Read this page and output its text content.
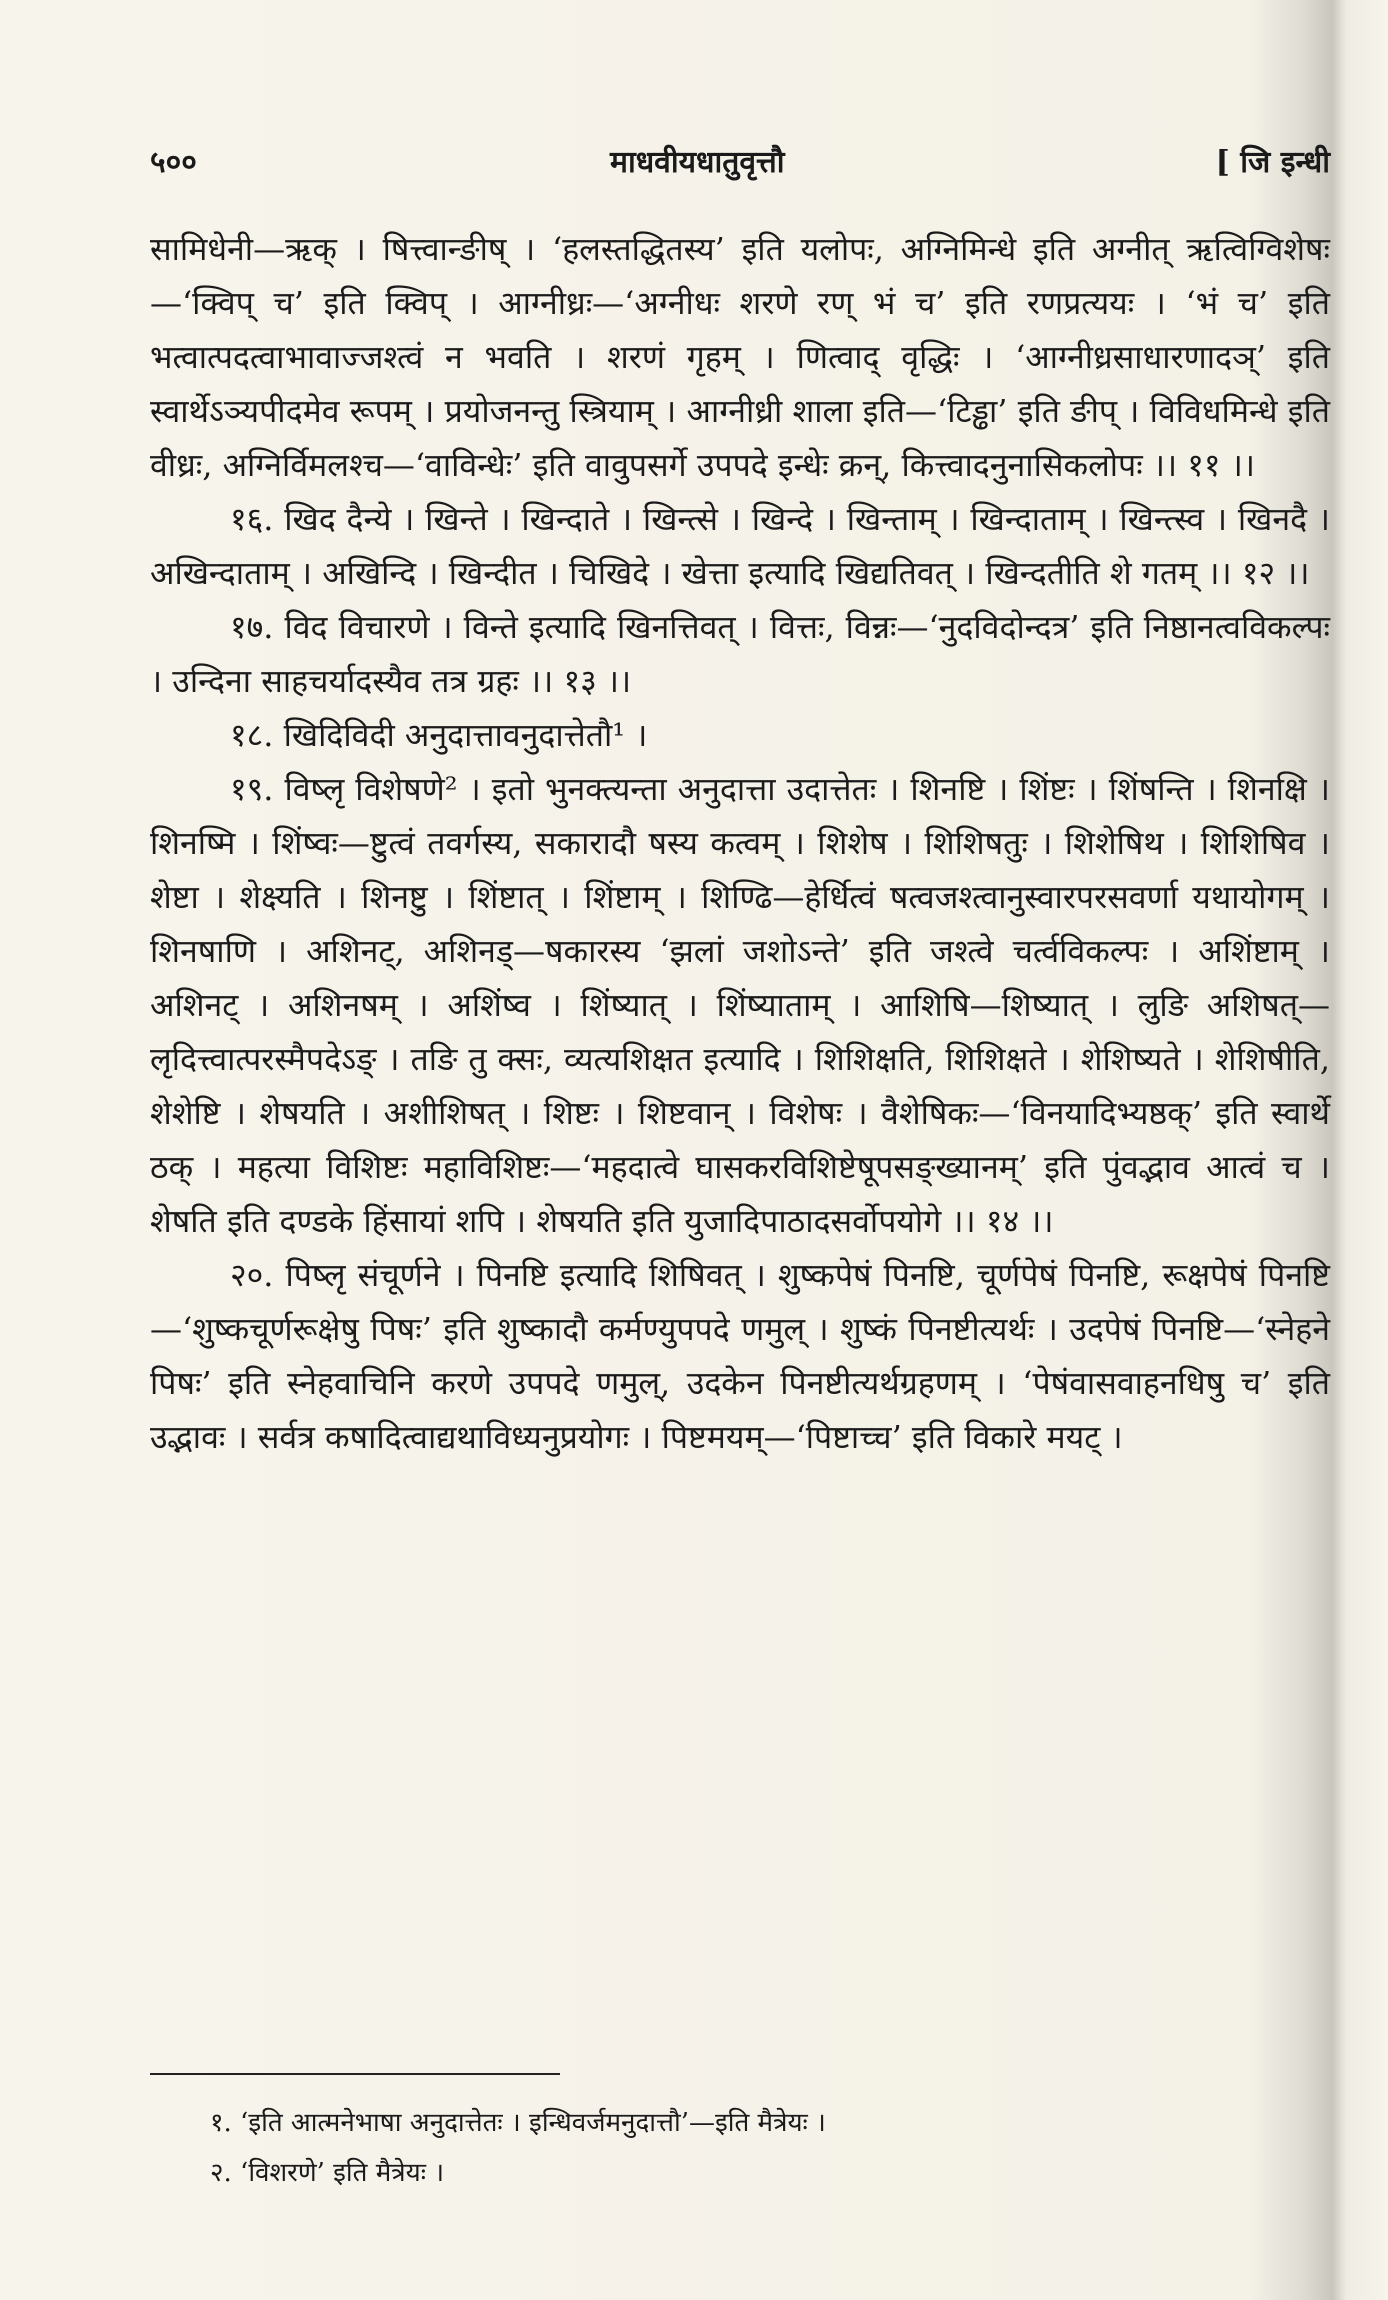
५००	माधवीयधातुवृत्तौ	[ जि इन्धी

सामिधेनी—ऋक् । षित्त्वान्ङीष् । ‘हलस्तद्धितस्य’ इति यलोपः, अग्निमिन्धे इति अग्नीत् ऋत्विग्विशेषः—‘क्विप् च’ इति क्विप् । आग्नीध्रः—‘अग्नीधः शरणे रण् भं च’ इति रणप्रत्ययः । ‘भं च’ इति भत्वात्पदत्वाभावाज्जश्त्वं न भवति । शरणं गृहम् । णित्वाद् वृद्धिः । ‘आग्नीध्रसाधारणादञ्’ इति स्वार्थेऽञ्यपीदमेव रूपम् । प्रयोजनन्तु स्त्रियाम् । आग्नीध्री शाला इति—‘टिड्ढा’ इति ङीप् । विविधमिन्धे इति वीध्रः, अग्निर्विमलश्च—‘वाविन्धेः’ इति वावुपसर्गे उपपदे इन्धेः क्रन्, कित्त्वादनुनासिकलोपः ।। ११ ।।

१६. खिद दैन्ये । खिन्ते । खिन्दाते । खिन्त्से । खिन्दे । खिन्ताम् । खिन्दाताम् । खिन्त्स्व । खिनदै । अखिन्दाताम् । अखिन्दि । खिन्दीत । चिखिदे । खेत्ता इत्यादि खिद्यतिवत् । खिन्दतीति शे गतम् ।। १२ ।।

१७. विद विचारणे । विन्ते इत्यादि खिनत्तिवत् । वित्तः, विन्नः—‘नुदविदोन्दत्र’ इति निष्ठानत्वविकल्पः । उन्दिना साहचर्यादस्यैव तत्र ग्रहः ।। १३ ।।

१८. खिदिविदी अनुदात्तावनुदात्तेतौ¹ ।

१९. विष्लृ विशेषणे² । इतो भुनक्त्यन्ता अनुदात्ता उदात्तेतः । शिनष्टि । शिंष्टः । शिंषन्ति । शिनक्षि । शिनष्मि । शिंष्वः—ष्टुत्वं तवर्गस्य, सकारादौ षस्य कत्वम् । शिशेष । शिशिषतुः । शिशेषिथ । शिशिषिव । शेष्टा । शेक्ष्यति । शिनष्टु । शिंष्टात् । शिंष्टाम् । शिण्ढि—हेर्धित्वं षत्वजश्त्वानुस्वारपरसवर्णा यथायोगम् । शिनषाणि । अशिनट्, अशिनड्—षकारस्य ‘झलां जशोऽन्ते’ इति जश्त्वे चर्त्वविकल्पः । अशिंष्टाम् । अशिनट् । अशिनषम् । अशिंष्व । शिंष्यात् । शिंष्याताम् । आशिषि—शिष्यात् । लुङि अशिषत्—लृदित्त्वात्परस्मैपदेऽङ् । तङि तु क्सः, व्यत्यशिक्षत इत्यादि । शिशिक्षति, शिशिक्षते । शेशिष्यते । शेशिषीति, शेशेष्टि । शेषयति । अशीशिषत् । शिष्टः । शिष्टवान् । विशेषः । वैशेषिकः—‘विनयादिभ्यष्ठक्’ इति स्वार्थे ठक् । महत्या विशिष्टः महाविशिष्टः—‘महदात्वे घासकरविशिष्टेषूपसङ्ख्यानम्’ इति पुंवद्भाव आत्वं च । शेषति इति दण्डके हिंसायां शपि । शेषयति इति युजादिपाठादसर्वोपयोगे ।। १४ ।।

२०. पिष्लृ संचूर्णने । पिनष्टि इत्यादि शिषिवत् । शुष्कपेषं पिनष्टि, चूर्णपेषं पिनष्टि, रूक्षपेषं पिनष्टि—‘शुष्कचूर्णरूक्षेषु पिषः’ इति शुष्कादौ कर्मण्युपपदे णमुल् । शुष्कं पिनष्टीत्यर्थः । उदपेषं पिनष्टि—‘स्नेहने पिषः’ इति स्नेहवाचिनि करणे उपपदे णमुल्, उदकेन पिनष्टीत्यर्थग्रहणम् । ‘पेषंवासवाहनधिषु च’ इति उद्भावः । सर्वत्र कषादित्वाद्यथाविध्यनुप्रयोगः । पिष्टमयम्—‘पिष्टाच्च’ इति विकारे मयट् ।

१. ‘इति आत्मनेभाषा अनुदात्तेतः । इन्धिवर्जमनुदात्तौ’—इति मैत्रेयः ।

२. ‘विशरणे’ इति मैत्रेयः ।
